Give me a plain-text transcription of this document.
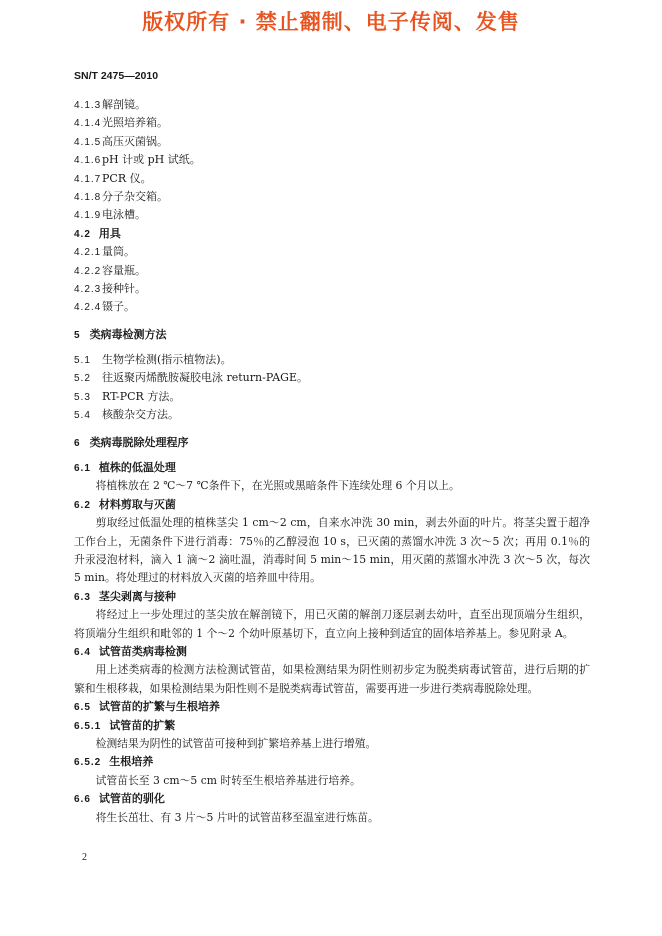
版权所有 · 禁止翻制、电子传阅、发售
SN/T 2475—2010
4.1.3解剖镜。
4.1.4光照培养箱。
4.1.5高压灭菌锅。
4.1.6pH 计或 pH 试纸。
4.1.7PCR 仪。
4.1.8分子杂交箱。
4.1.9电泳槽。
4.2 用具
4.2.1量筒。
4.2.2容量瓶。
4.2.3接种针。
4.2.4镊子。
5 类病毒检测方法
5.1 生物学检测(指示植物法)。
5.2 往返聚丙烯酰胺凝胶电泳 return-PAGE。
5.3 RT-PCR 方法。
5.4 核酸杂交方法。
6 类病毒脱除处理程序
6.1 植株的低温处理

将植株放在 2 ℃～7 ℃条件下，在光照或黑暗条件下连续处理 6 个月以上。

6.2 材料剪取与灭菌

剪取经过低温处理的植株茎尖 1 cm～2 cm，自来水冲洗 30 min，剥去外面的叶片。将茎尖置于超净工作台上，无菌条件下进行消毒：75％的乙醇浸泡 10 s，已灭菌的蒸馏水冲洗 3 次～5 次；再用 0.1％的升汞浸泡材料，滴入 1 滴～2 滴吐温，消毒时间 5 min～15 min，用灭菌的蒸馏水冲洗 3 次～5 次，每次 5 min。将处理过的材料放入灭菌的培养皿中待用。

6.3 茎尖剥离与接种

将经过上一步处理过的茎尖放在解剖镜下，用已灭菌的解剖刀逐层剥去幼叶，直至出现顶端分生组织，将顶端分生组织和毗邻的 1 个～2 个幼叶原基切下，直立向上接种到适宜的固体培养基上。参见附录 A。

6.4 试管苗类病毒检测

用上述类病毒的检测方法检测试管苗，如果检测结果为阴性则初步定为脱类病毒试管苗，进行后期的扩繁和生根移栽，如果检测结果为阳性则不是脱类病毒试管苗，需要再进一步进行类病毒脱除处理。

6.5 试管苗的扩繁与生根培养
6.5.1 试管苗的扩繁

检测结果为阴性的试管苗可接种到扩繁培养基上进行增殖。

6.5.2 生根培养

试管苗长至 3 cm～5 cm 时转至生根培养基进行培养。

6.6 试管苗的驯化

将生长茁壮、有 3 片～5 片叶的试管苗移至温室进行炼苗。

2
